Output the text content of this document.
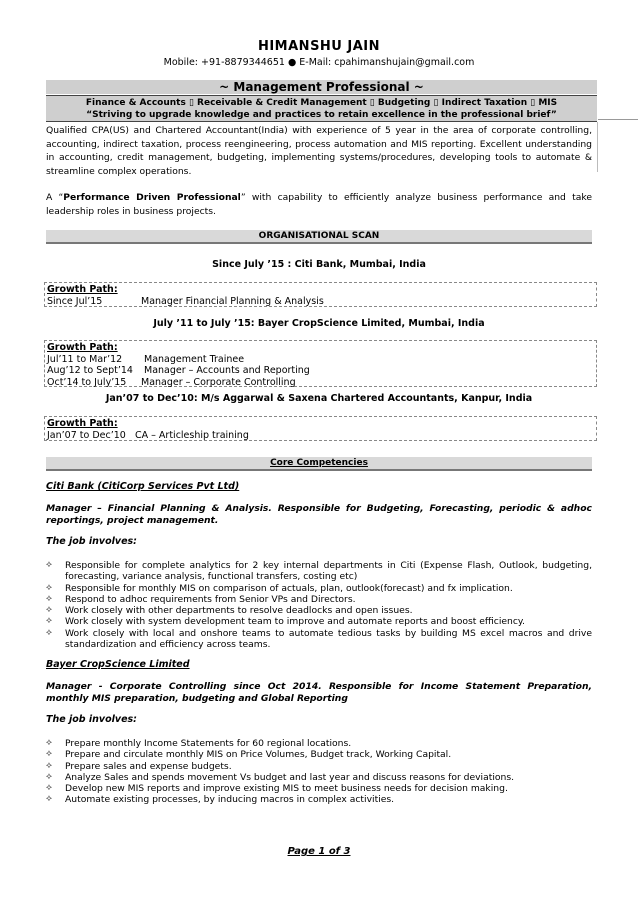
HIMANSHU JAIN
Mobile: +91-8879344651 ● E-Mail: cpahimanshujain@gmail.com
~ Management Professional ~
Finance & Accounts ▯ Receivable & Credit Management ▯ Budgeting ▯ Indirect Taxation ▯ MIS
“Striving to upgrade knowledge and practices to retain excellence in the professional brief”
Qualified CPA(US) and Chartered Accountant(India) with experience of 5 year in the area of corporate controlling, accounting, indirect taxation, process reengineering, process automation and MIS reporting. Excellent understanding in accounting, credit management, budgeting, implementing systems/procedures, developing tools to automate & streamline complex operations.
A “Performance Driven Professional” with capability to efficiently analyze business performance and take leadership roles in business projects.
ORGANISATIONAL SCAN
Since July ’15 : Citi Bank, Mumbai, India
Growth Path:
Since Jul’15	Manager Financial Planning & Analysis
July ’11 to July ’15: Bayer CropScience Limited, Mumbai, India
Growth Path:
Jul’11 to Mar’12 Management Trainee
Aug’12 to Sept’14 Manager – Accounts and Reporting
Oct’14 to July’15 Manager – Corporate Controlling
Jan’07 to Dec’10: M/s Aggarwal & Saxena Chartered Accountants, Kanpur, India
Growth Path:
Jan’07 to Dec’10 CA – Articleship training
Core Competencies
Citi Bank (CitiCorp Services Pvt Ltd)
Manager – Financial Planning & Analysis. Responsible for Budgeting, Forecasting, periodic & adhoc reportings, project management.
The job involves:
⟡ Responsible for complete analytics for 2 key internal departments in Citi (Expense Flash, Outlook, budgeting, forecasting, variance analysis, functional transfers, costing etc)
⟡ Responsible for monthly MIS on comparison of actuals, plan, outlook(forecast) and fx implication.
⟡ Respond to adhoc requirements from Senior VPs and Directors.
⟡ Work closely with other departments to resolve deadlocks and open issues.
⟡ Work closely with system development team to improve and automate reports and boost efficiency.
⟡ Work closely with local and onshore teams to automate tedious tasks by building MS excel macros and drive standardization and efficiency across teams.
Bayer CropScience Limited
Manager - Corporate Controlling since Oct 2014. Responsible for Income Statement Preparation, monthly MIS preparation, budgeting and Global Reporting
The job involves:
⟡ Prepare monthly Income Statements for 60 regional locations.
⟡ Prepare and circulate monthly MIS on Price Volumes, Budget track, Working Capital.
⟡ Prepare sales and expense budgets.
⟡ Analyze Sales and spends movement Vs budget and last year and discuss reasons for deviations.
⟡ Develop new MIS reports and improve existing MIS to meet business needs for decision making.
⟡ Automate existing processes, by inducing macros in complex activities.
Page 1 of 3
